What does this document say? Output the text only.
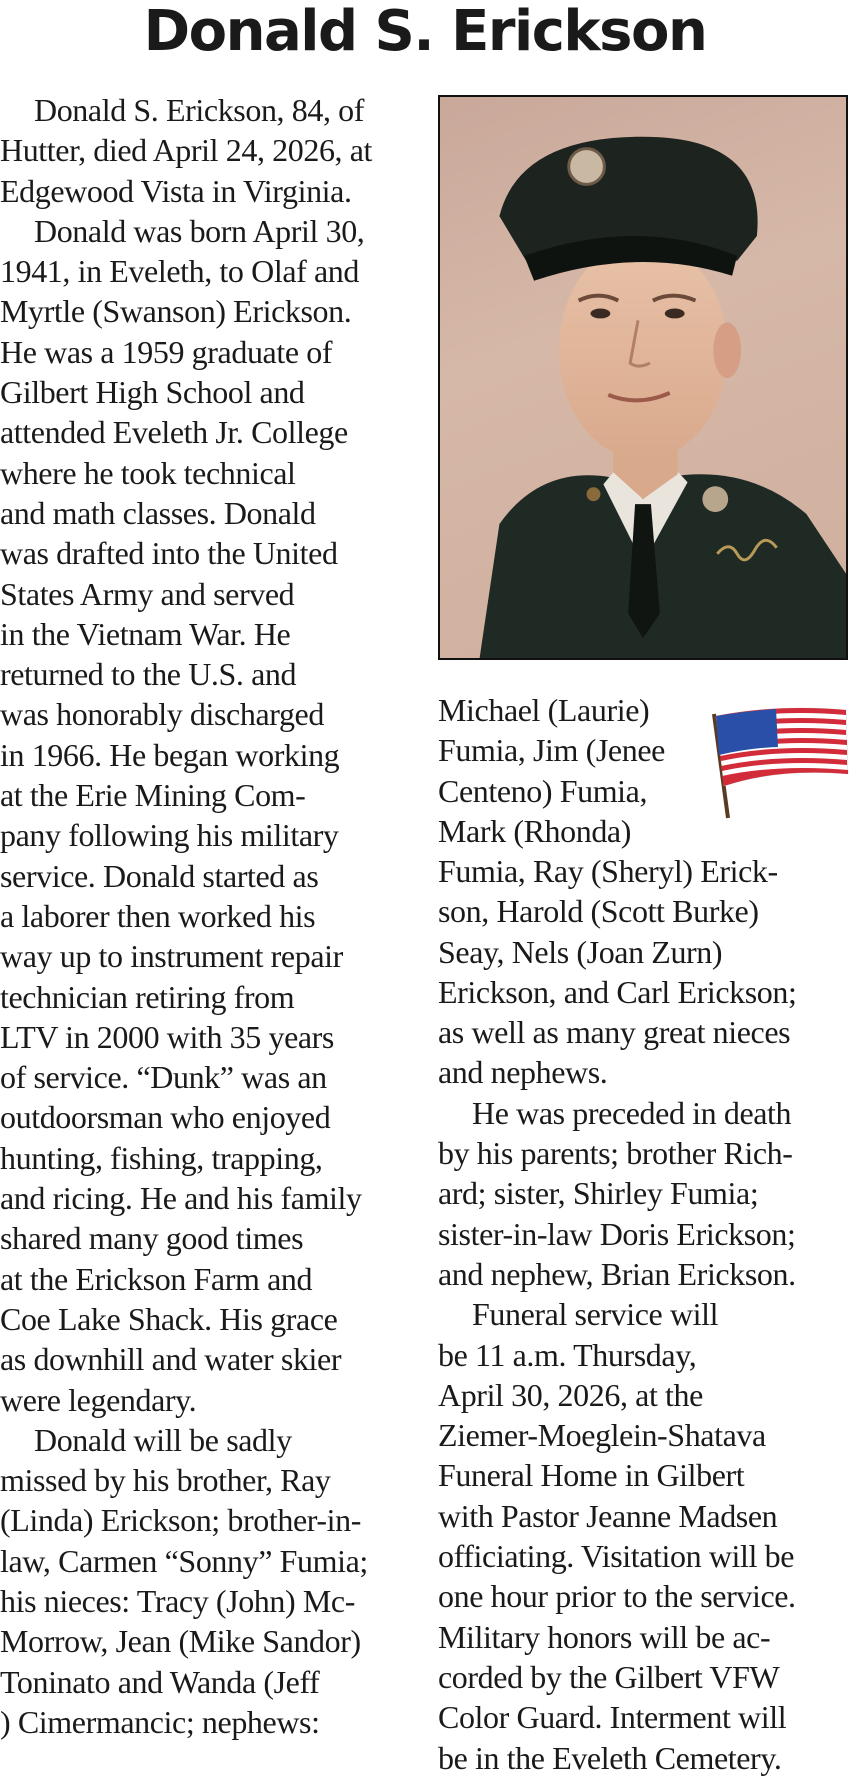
Donald S. Erickson
Donald S. Erickson, 84, of
Hutter, died April 24, 2026, at
Edgewood Vista in Virginia.
Donald was born April 30,
1941, in Eveleth, to Olaf and
Myrtle (Swanson) Erickson.
He was a 1959 graduate of
Gilbert High School and
attended Eveleth Jr. College
where he took technical
and math classes. Donald
was drafted into the United
States Army and served
in the Vietnam War. He
returned to the U.S. and
was honorably discharged
in 1966. He began working
at the Erie Mining Com-
pany following his military
service. Donald started as
a laborer then worked his
way up to instrument repair
technician retiring from
LTV in 2000 with 35 years
of service. “Dunk” was an
outdoorsman who enjoyed
hunting, fishing, trapping,
and ricing. He and his family
shared many good times
at the Erickson Farm and
Coe Lake Shack. His grace
as downhill and water skier
were legendary.
Donald will be sadly
missed by his brother, Ray
(Linda) Erickson; brother-in-
law, Carmen “Sonny” Fumia;
his nieces: Tracy (John) Mc-
Morrow, Jean (Mike Sandor)
Toninato and Wanda (Jeff
) Cimermancic; nephews:
Michael (Laurie)
Fumia, Jim (Jenee
Centeno) Fumia,
Mark (Rhonda)
Fumia, Ray (Sheryl) Erick-
son, Harold (Scott Burke)
Seay, Nels (Joan Zurn)
Erickson, and Carl Erickson;
as well as many great nieces
and nephews.
He was preceded in death
by his parents; brother Rich-
ard; sister, Shirley Fumia;
sister-in-law Doris Erickson;
and nephew, Brian Erickson.
Funeral service will
be 11 a.m. Thursday,
April 30, 2026, at the
Ziemer-Moeglein-Shatava
Funeral Home in Gilbert
with Pastor Jeanne Madsen
officiating. Visitation will be
one hour prior to the service.
Military honors will be ac-
corded by the Gilbert VFW
Color Guard. Interment will
be in the Eveleth Cemetery.
